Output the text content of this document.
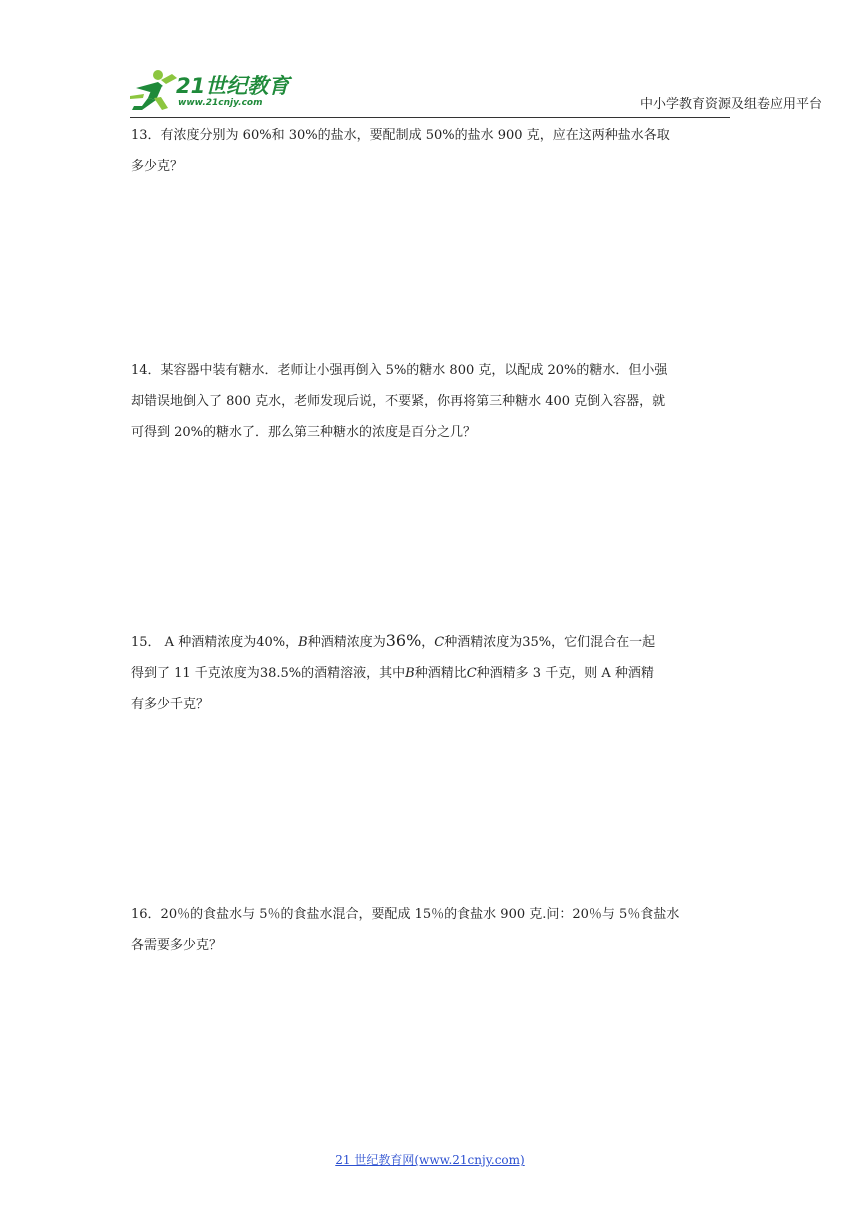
21世纪教育
www.21cnjy.com	中小学教育资源及组卷应用平台
13．有浓度分别为 60%和 30%的盐水，要配制成 50%的盐水 900 克，应在这两种盐水各取
多少克？
14．某容器中装有糖水．老师让小强再倒入 5%的糖水 800 克，以配成 20%的糖水．但小强
却错误地倒入了 800 克水，老师发现后说，不要紧，你再将第三种糖水 400 克倒入容器，就
可得到 20%的糖水了．那么第三种糖水的浓度是百分之几？
15． A 种酒精浓度为40%，B种酒精浓度为36%，C种酒精浓度为35%，它们混合在一起
得到了 11 千克浓度为38.5%的酒精溶液，其中B种酒精比C种酒精多 3 千克，则 A 种酒精
有多少千克？
16．20％的食盐水与 5％的食盐水混合，要配成 15％的食盐水 900 克.问：20％与 5％食盐水
各需要多少克？
21 世纪教育网(www.21cnjy.com)
